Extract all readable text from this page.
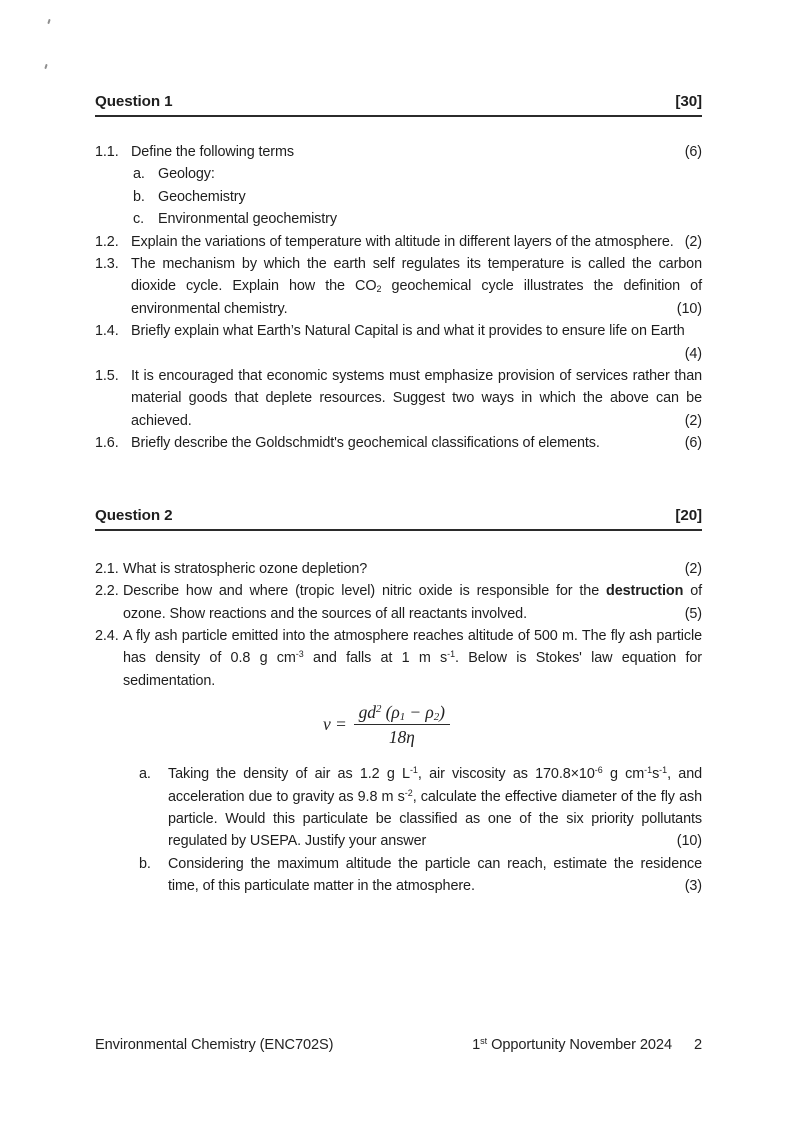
Question 1	[30]
1.1. Define the following terms	(6)
a. Geology:
b. Geochemistry
c. Environmental geochemistry
1.2. Explain the variations of temperature with altitude in different layers of the atmosphere. (2)
1.3. The mechanism by which the earth self regulates its temperature is called the carbon dioxide cycle. Explain how the $CO_2$ geochemical cycle illustrates the definition of environmental chemistry.	(10)
1.4. Briefly explain what Earth’s Natural Capital is and what it provides to ensure life on Earth
(4)
1.5. It is encouraged that economic systems must emphasize provision of services rather than material goods that deplete resources. Suggest two ways in which the above can be achieved.	(2)
1.6. Briefly describe the Goldschmidt's geochemical classifications of elements.	(6)
Question 2	[20]
2.1. What is stratospheric ozone depletion?	(2)
2.2. Describe how and where (tropic level) nitric oxide is responsible for the destruction of ozone. Show reactions and the sources of all reactants involved.	(5)
2.4. A fly ash particle emitted into the atmosphere reaches altitude of 500 m. The fly ash particle has density of 0.8 g $cm^{-3}$ and falls at 1 m $s^{-1}$. Below is Stokes' law equation for sedimentation.
$\nu = \frac{gd^2 (\rho_1 - \rho_2)}{18\eta}$
a. Taking the density of air as 1.2 g $L^{-1}$, air viscosity as $170.8\times 10^{-6}$ g $cm^{-1}s^{-1}$, and acceleration due to gravity as 9.8 m $s^{-2}$, calculate the effective diameter of the fly ash particle. Would this particulate be classified as one of the six priority pollutants regulated by USEPA. Justify your answer	(10)
b. Considering the maximum altitude the particle can reach, estimate the residence time, of this particulate matter in the atmosphere.	(3)
Environmental Chemistry (ENC702S)	1st Opportunity November 2024 2
